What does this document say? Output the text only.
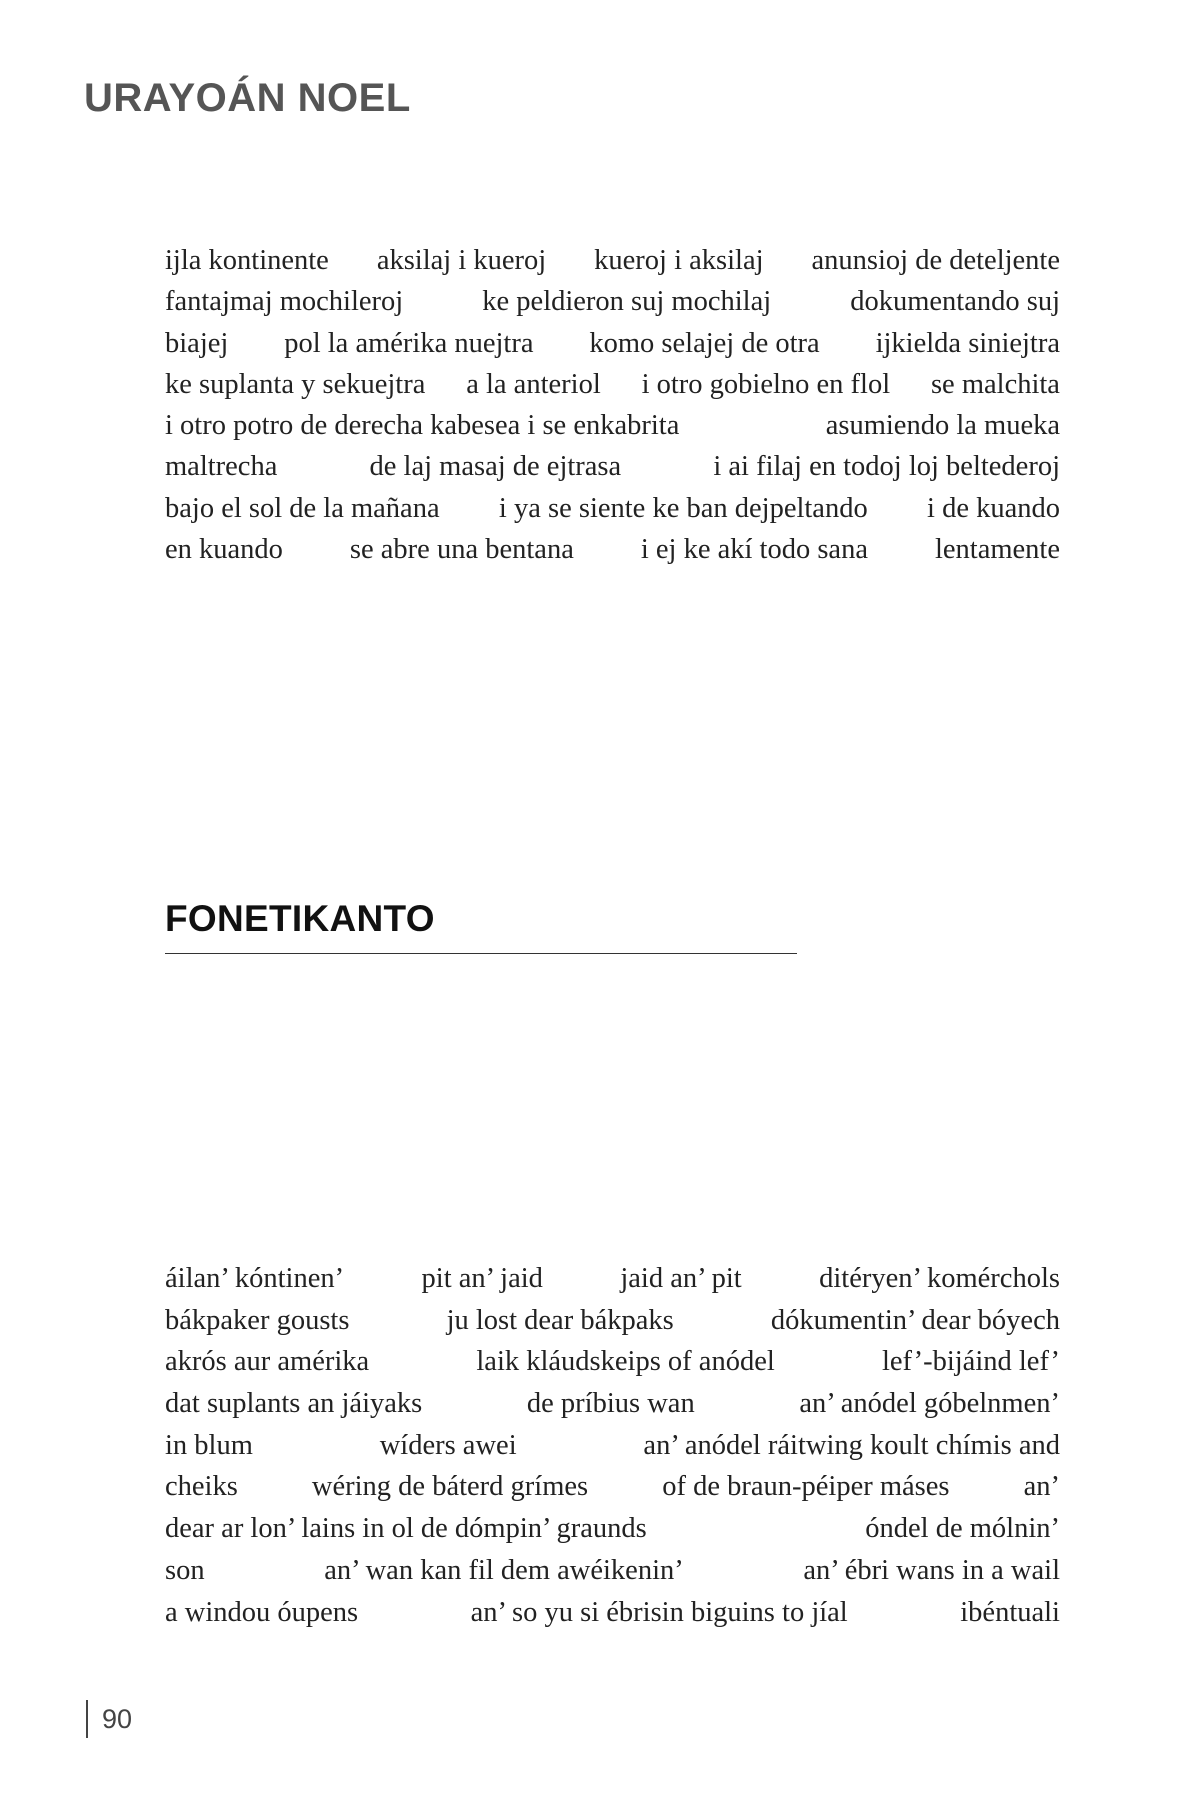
URAYOÁN NOEL
ijla kontinente aksilaj i kueroj kueroj i aksilaj anunsioj de deteljente
fantajmaj mochileroj	ke peldieron suj mochilaj	dokumentando suj
biajej pol la amérika nuejtra komo selajej de otra ijkielda siniejtra
ke suplanta y sekuejtra a la anteriol i otro gobielno en flol se malchita
i otro potro de derecha kabesea i se enkabrita	asumiendo la mueka
maltrecha	de laj masaj de ejtrasa	i ai filaj en todoj loj beltederoj
bajo el sol de la mañana i ya se siente ke ban dejpeltando i de kuando
en kuando se abre una bentana i ej ke akí todo sana lentamente
FONETIKANTO
áilan’ kóntinen’	pit an’ jaid	jaid an’ pit	ditéryen’ komérchols
bákpaker gousts	ju lost dear bákpaks	dókumentin’ dear bóyech
akrós aur amérika	laik kláudskeips of anódel	lef’-bijáind lef’
dat suplants an jáiyaks	de príbius wan	an’ anódel góbelnmen’
in blum	wíders awei	an’ anódel ráitwing koult chímis and
cheiks	wéring de báterd grímes	of de braun-péiper máses	an’
dear ar lon’ lains in ol de dómpin’ graunds	óndel de mólnin’
son	an’ wan kan fil dem awéikenin’	an’ ébri wans in a wail
a windou óupens	an’ so yu si ébrisin biguins to jíal	ibéntuali
90
